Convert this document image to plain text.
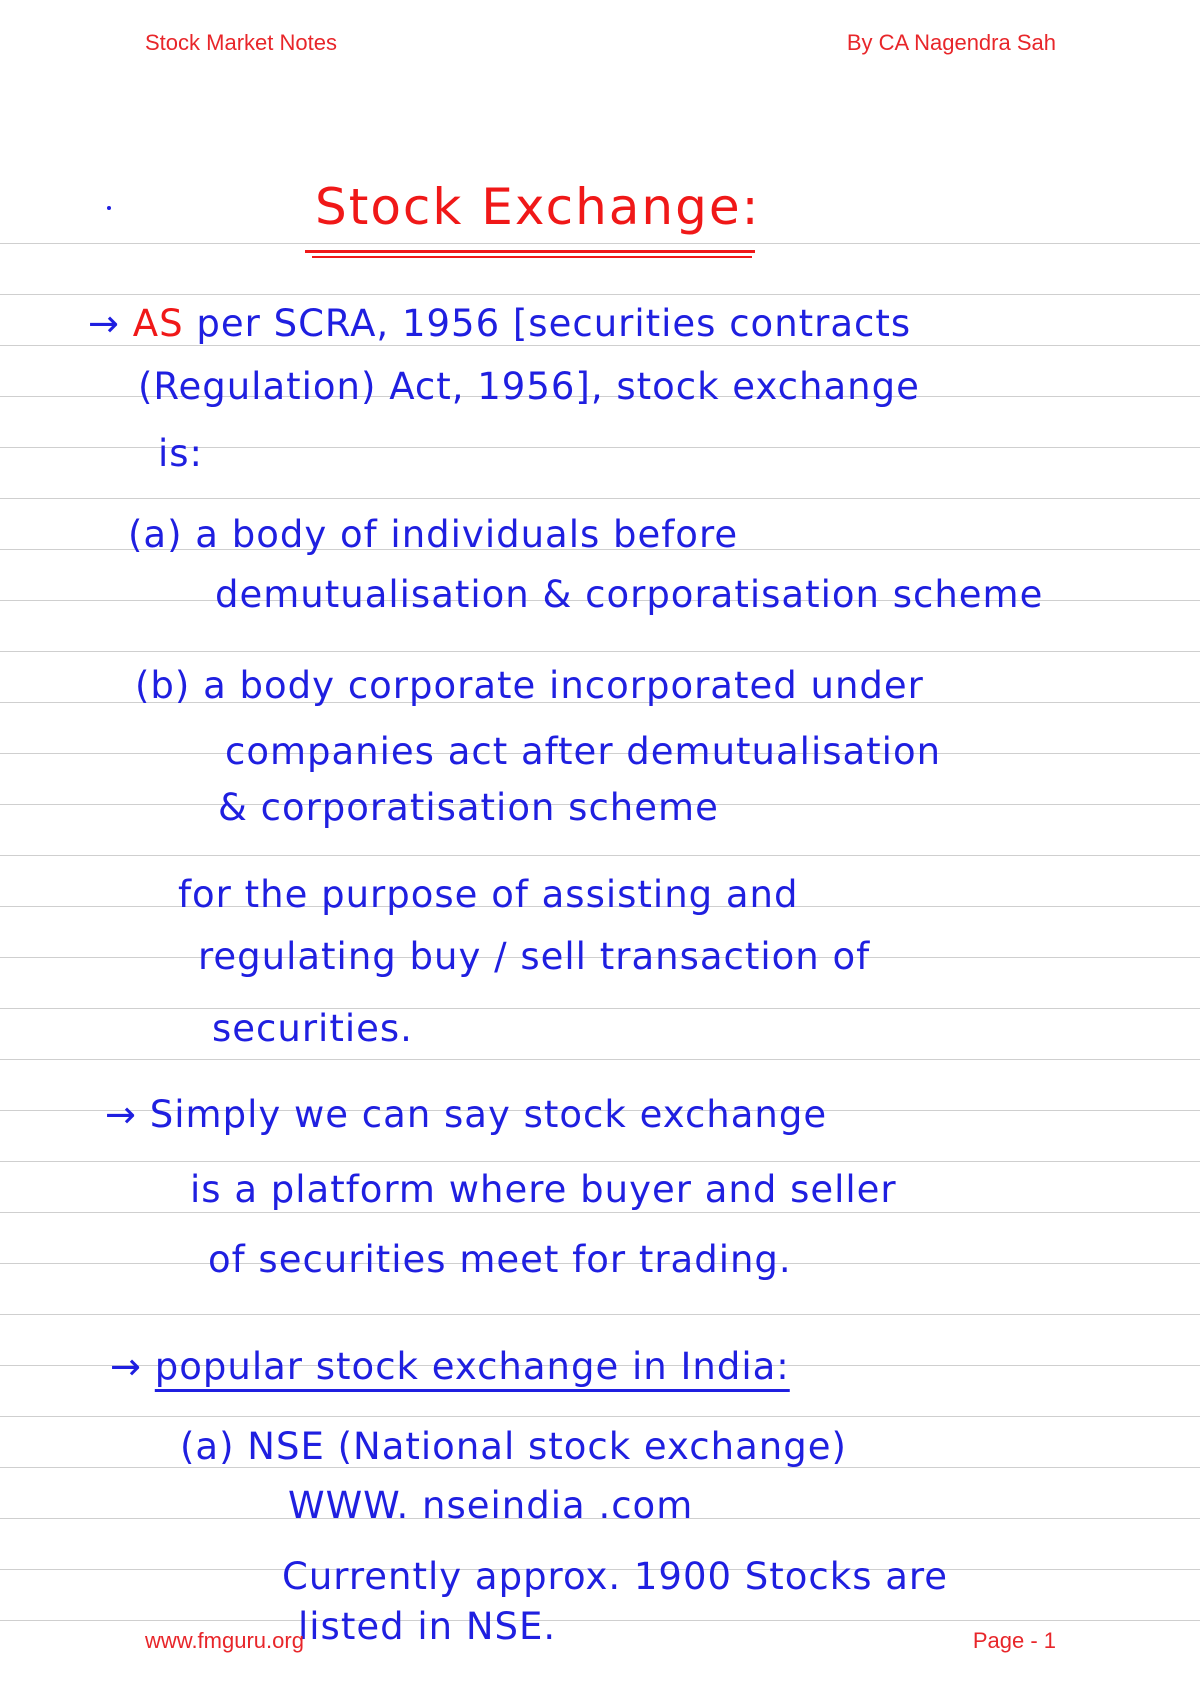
Stock Market Notes	By CA Nagendra Sah
Stock Exchange:
→ AS per SCRA, 1956 [securities contracts
(Regulation) Act, 1956], stock exchange
is:
(a) a body of individuals before
demutualisation & corporatisation scheme
(b) a body corporate incorporated under
companies act after demutualisation
& corporatisation scheme
for the purpose of assisting and
regulating buy / sell transaction of
securities.
→ Simply we can say stock exchange
is a platform where buyer and seller
of securities meet for trading.
→ popular stock exchange in India:
(a) NSE (National stock exchange)
WWW. nseindia .com
Currently approx. 1900 Stocks are
listed in NSE.
www.fmguru.org	Page - 1
